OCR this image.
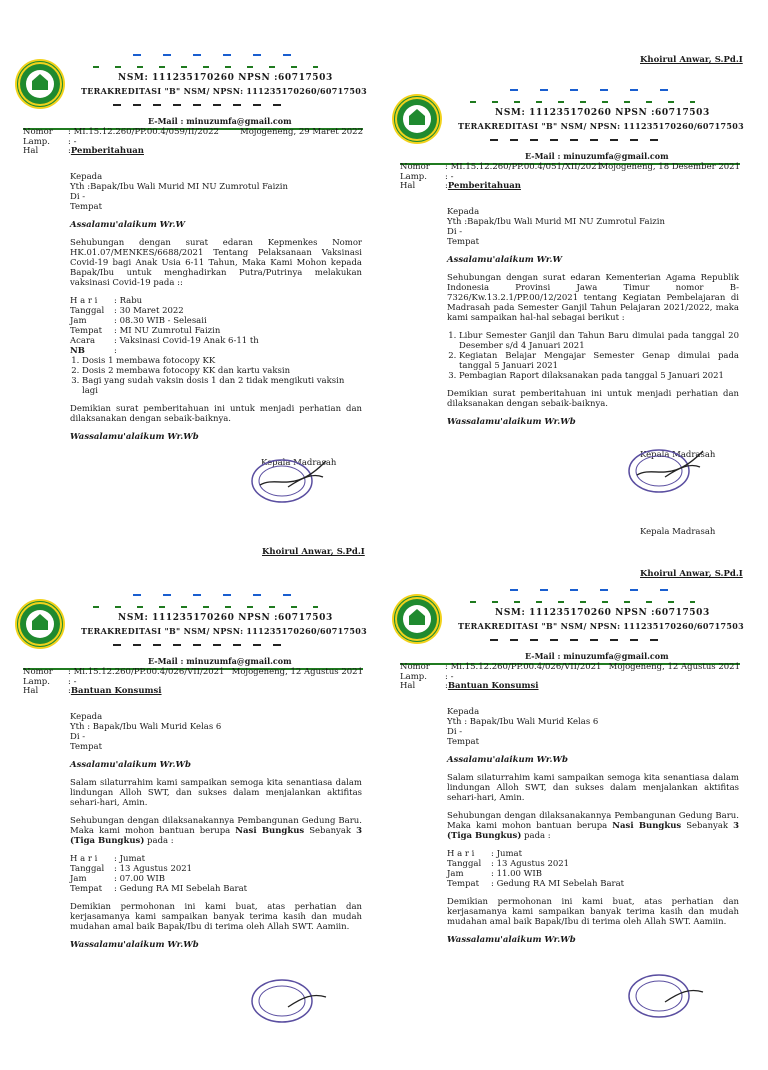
Khoirul Anwar, S.Pd.I
Kepala Madrasah
Khoirul Anwar, S.Pd.I
Khoirul Anwar, S.Pd.I
NSM: 111235170260 NPSN :60717503
TERAKREDITASI "B" NSM/ NPSN: 111235170260/60717503
E-Mail : minuzumfa@gmail.com
Nomor	: MI.15.12.260/PP.00.4/059/II/2022
Lamp.	: -
Hal	: Pemberitahuan
Mojogeneng, 29 Maret 2022
Kepada
Yth :Bapak/Ibu Wali Murid MI NU Zumrotul Faizin
Di -
Tempat

Assalamu'alaikum Wr.W

Sehubungan dengan surat edaran Kepmenkes Nomor HK.01.07/MENKES/6688/2021 Tentang Pelaksanaan Vaksinasi Covid-19 bagi Anak Usia 6-11 Tahun, Maka Kami Mohon kepada Bapak/Ibu untuk menghadirkan Putra/Putrinya melakukan vaksinasi Covid-19 pada ::

H a r i	: Rabu
Tanggal	: 30 Maret 2022
Jam	: 08.30 WIB - Selesaii
Tempat	: MI NU Zumrotul Faizin
Acara	: Vaksinasi Covid-19 Anak 6-11 th
NB	:
1. Dosis 1 membawa fotocopy KK
2. Dosis 2 membawa fotocopy KK dan kartu vaksin
3. Bagi yang sudah vaksin dosis 1 dan 2 tidak mengikuti vaksin lagi

Demikian surat pemberitahuan ini untuk menjadi perhatian dan dilaksanakan dengan sebaik-baiknya.

Wassalamu'alaikum Wr.Wb

Kepala Madrasah
NSM: 111235170260 NPSN :60717503
TERAKREDITASI "B" NSM/ NPSN: 111235170260/60717503
E-Mail : minuzumfa@gmail.com
Nomor	: MI.15.12.260/PP.00.4/051/XII/2021
Lamp.	: -
Hal	: Pemberitahuan
Mojogeneng, 18 Desember 2021
Kepada
Yth :Bapak/Ibu Wali Murid MI NU Zumrotul Faizin
Di -
Tempat

Assalamu'alaikum Wr.W

Sehubungan dengan surat edaran Kementerian Agama Republik Indonesia Provinsi Jawa Timur nomor B-7326/Kw.13.2.1/PP.00/12/2021 tentang Kegiatan Pembelajaran di Madrasah pada Semester Ganjil Tahun Pelajaran 2021/2022, maka kami sampaikan hal-hal sebagai berikut :

1. Libur Semester Ganjil dan Tahun Baru dimulai pada tanggal 20 Desember s/d 4 Januari 2021
2. Kegiatan Belajar Mengajar Semester Genap dimulai pada tanggal 5 Januari 2021
3. Pembagian Raport dilaksanakan pada tanggal 5 Januari 2021

Demikian surat pemberitahuan ini untuk menjadi perhatian dan dilaksanakan dengan sebaik-baiknya.

Wassalamu'alaikum Wr.Wb

Kepala Madrasah
NSM: 111235170260 NPSN :60717503
TERAKREDITASI "B" NSM/ NPSN: 111235170260/60717503
E-Mail : minuzumfa@gmail.com
Nomor	: Mi.15.12.260/PP.00.4/026/VII/2021
Lamp.	: -
Hal	: Bantuan Konsumsi
Mojogeneng, 12 Agustus 2021
Kepada
Yth : Bapak/Ibu Wali Murid Kelas 6
Di -
Tempat

Assalamu'alaikum Wr.Wb

Salam silaturrahim kami sampaikan semoga kita senantiasa dalam lindungan Alloh SWT, dan sukses dalam menjalankan aktifitas sehari-hari, Amin.

Sehubungan dengan dilaksanakannya Pembangunan Gedung Baru. Maka kami mohon bantuan berupa Nasi Bungkus Sebanyak 3 (Tiga Bungkus) pada :

H a r i	: Jumat
Tanggal	: 13 Agustus 2021
Jam	: 07.00 WIB
Tempat	: Gedung RA MI Sebelah Barat

Demikian permohonan ini kami buat, atas perhatian dan kerjasamanya kami sampaikan banyak terima kasih dan mudah mudahan amal baik Bapak/Ibu di terima oleh Allah SWT. Aamiin.

Wassalamu'alaikum Wr.Wb

NSM: 111235170260 NPSN :60717503
TERAKREDITASI "B" NSM/ NPSN: 111235170260/60717503
E-Mail : minuzumfa@gmail.com
Nomor	: Mi.15.12.260/PP.00.4/026/VII/2021
Lamp.	: -
Hal	: Bantuan Konsumsi
Mojogeneng, 12 Agustus 2021
Kepada
Yth : Bapak/Ibu Wali Murid Kelas 6
Di -
Tempat

Assalamu'alaikum Wr.Wb

Salam silaturrahim kami sampaikan semoga kita senantiasa dalam lindungan Alloh SWT, dan sukses dalam menjalankan aktifitas sehari-hari, Amin.

Sehubungan dengan dilaksanakannya Pembangunan Gedung Baru. Maka kami mohon bantuan berupa Nasi Bungkus Sebanyak 3 (Tiga Bungkus) pada :

H a r i	: Jumat
Tanggal	: 13 Agustus 2021
Jam	: 11.00 WIB
Tempat	: Gedung RA MI Sebelah Barat

Demikian permohonan ini kami buat, atas perhatian dan kerjasamanya kami sampaikan banyak terima kasih dan mudah mudahan amal baik Bapak/Ibu di terima oleh Allah SWT. Aamiin.

Wassalamu'alaikum Wr.Wb
